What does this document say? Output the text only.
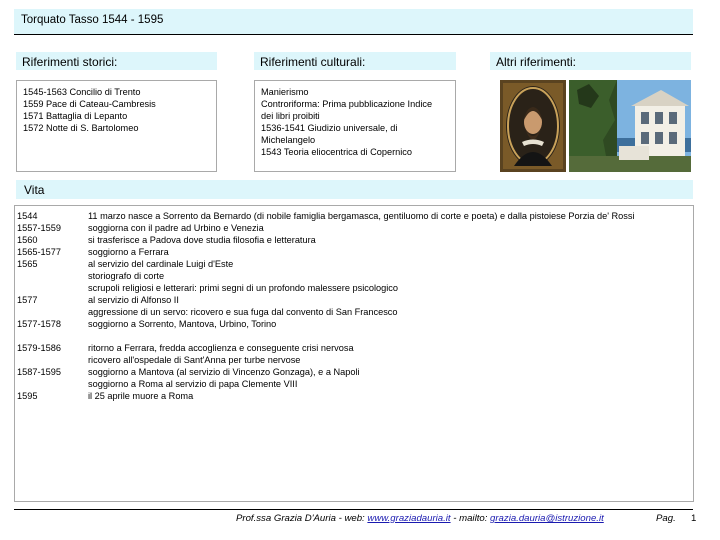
Torquato Tasso 1544 - 1595
Riferimenti storici:	Riferimenti culturali:	Altri riferimenti:
1545-1563 Concilio di Trento
1559 Pace di Cateau-Cambresis
1571 Battaglia di Lepanto
1572 Notte di S. Bartolomeo
Manierismo
Controriforma: Prima pubblicazione Indice
dei libri proibiti
1536-1541 Giudizio universale, di
Michelangelo
1543 Teoria eliocentrica di Copernico
Vita
1544	11 marzo nasce a Sorrento da Bernardo (di nobile famiglia bergamasca, gentiluomo di corte e poeta) e dalla pistoiese Porzia de' Rossi
1557-1559	soggiorna con il padre ad Urbino e Venezia
1560	si trasferisce a Padova dove studia filosofia e letteratura
1565-1577	soggiorno a Ferrara
1565	al servizio del cardinale Luigi d'Este
storiografo di corte
scrupoli religiosi e letterari: primi segni di un profondo malessere psicologico
1577	al servizio di Alfonso II
aggressione di un servo: ricovero e sua fuga dal convento di San Francesco
1577-1578	soggiorno a Sorrento, Mantova, Urbino, Torino
1579-1586	ritorno a Ferrara, fredda accoglienza e conseguente crisi nervosa
ricovero all'ospedale di Sant'Anna per turbe nervose
1587-1595	soggiorno a Mantova (al servizio di Vincenzo Gonzaga), e a Napoli
soggiorno a Roma al servizio di papa Clemente VIII
1595	il 25 aprile muore a Roma
Prof.ssa Grazia D'Auria - web: www.graziadauria.it - mailto: grazia.dauria@istruzione.it	Pag. 1
